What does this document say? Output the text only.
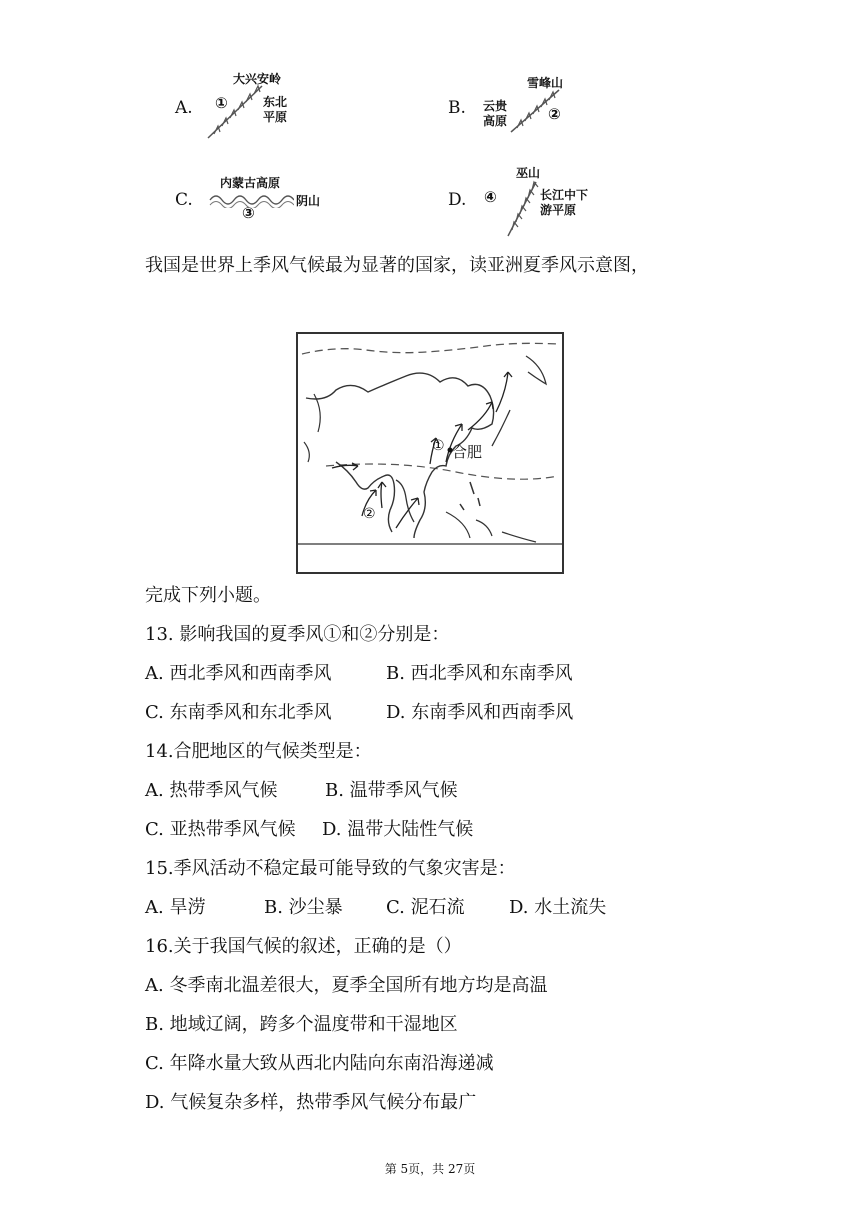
A.
大兴安岭
①	东北
平原	B.
雪峰山
云贵
高原	②
C.
内蒙古高原
③
阴山	D.
巫山
④	长江中下
游平原
我国是世界上季风气候最为显著的国家，读亚洲夏季风示意图，
①
②
合肥
完成下列小题。
13. 影响我国的夏季风①和②分别是：
A. 西北季风和西南季风	B. 西北季风和东南季风
C. 东南季风和东北季风	D. 东南季风和西南季风
14.合肥地区的气候类型是：
A. 热带季风气候	B. 温带季风气候
C. 亚热带季风气候 D. 温带大陆性气候
15.季风活动不稳定最可能导致的气象灾害是：
A. 旱涝	B. 沙尘暴 C. 泥石流 D. 水土流失
16.关于我国气候的叙述，正确的是（）
A. 冬季南北温差很大，夏季全国所有地方均是高温
B. 地域辽阔，跨多个温度带和干湿地区
C. 年降水量大致从西北内陆向东南沿海递减
D. 气候复杂多样，热带季风气候分布最广
第 5页，共 27页
